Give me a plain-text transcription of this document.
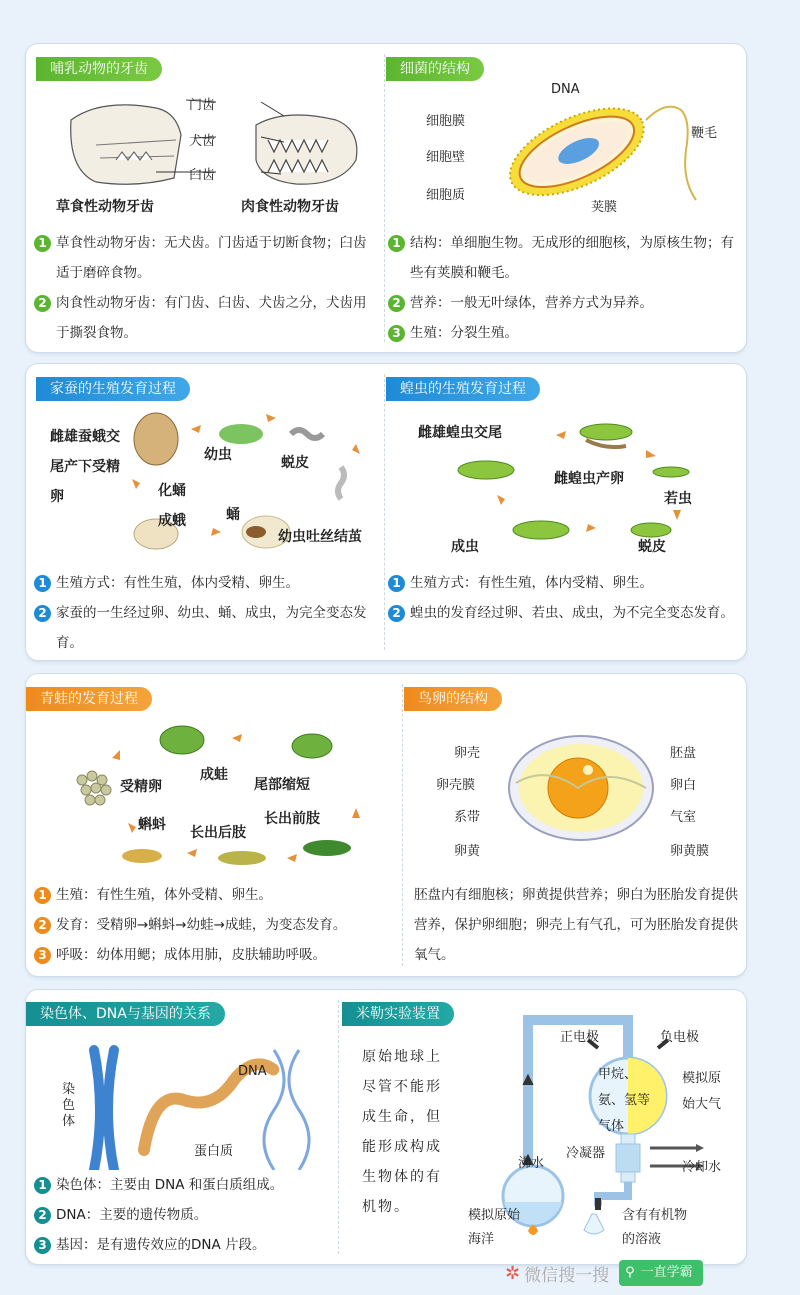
哺乳动物的牙齿	细菌的结构
门齿
犬齿
臼齿
草食性动物牙齿	肉食性动物牙齿
1 草食性动物牙齿：无犬齿。门齿适于切断食物；臼齿适于磨碎食物。
2 肉食性动物牙齿：有门齿、臼齿、犬齿之分，犬齿用于撕裂食物。
DNA
细胞膜
细胞壁
细胞质
鞭毛
荚膜
1 结构：单细胞生物。无成形的细胞核，为原核生物；有些有荚膜和鞭毛。
2 营养：一般无叶绿体，营养方式为异养。
3 生殖：分裂生殖。
家蚕的生殖发育过程	蝗虫的生殖发育过程
雌雄蚕蛾交尾产下受精卵
幼虫	蜕皮
幼虫吐丝结茧
蛹
化蛹
成蛾
1 生殖方式：有性生殖，体内受精、卵生。
2 家蚕的一生经过卵、幼虫、蛹、成虫，为完全变态发育。
雌雄蝗虫交尾
雌蝗虫产卵
若虫
蜕皮
成虫
1 生殖方式：有性生殖，体内受精、卵生。
2 蝗虫的发育经过卵、若虫、成虫，为不完全变态发育。
青蛙的发育过程	鸟卵的结构
受精卵
成蛙
尾部缩短
蝌蚪 长出后肢
长出前肢
1 生殖：有性生殖，体外受精、卵生。
2 发育：受精卵→蝌蚪→幼蛙→成蛙，为变态发育。
3 呼吸：幼体用鳃；成体用肺，皮肤辅助呼吸。
卵壳
卵壳膜
系带
卵黄
胚盘
卵白
气室
卵黄膜
胚盘内有细胞核；卵黄提供营养；卵白为胚胎发育提供营养，保护卵细胞；卵壳上有气孔，可为胚胎发育提供氧气。
染色体、DNA与基因的关系	米勒实验装置
染色体
DNA
蛋白质
1 染色体：主要由 DNA 和蛋白质组成。
2 DNA：主要的遗传物质。
3 基因：是有遗传效应的DNA 片段。
原始地球上
尽管不能形
成生命，但
能形成构成
生物体的有
机物。
正电极	负电极
甲烷、氨、氢等气体
模拟原始大气
冷凝器
冷却水
沸水
模拟原始海洋
含有有机物的溶液
✲ 微信搜一搜 ⚲ 一直学霸
